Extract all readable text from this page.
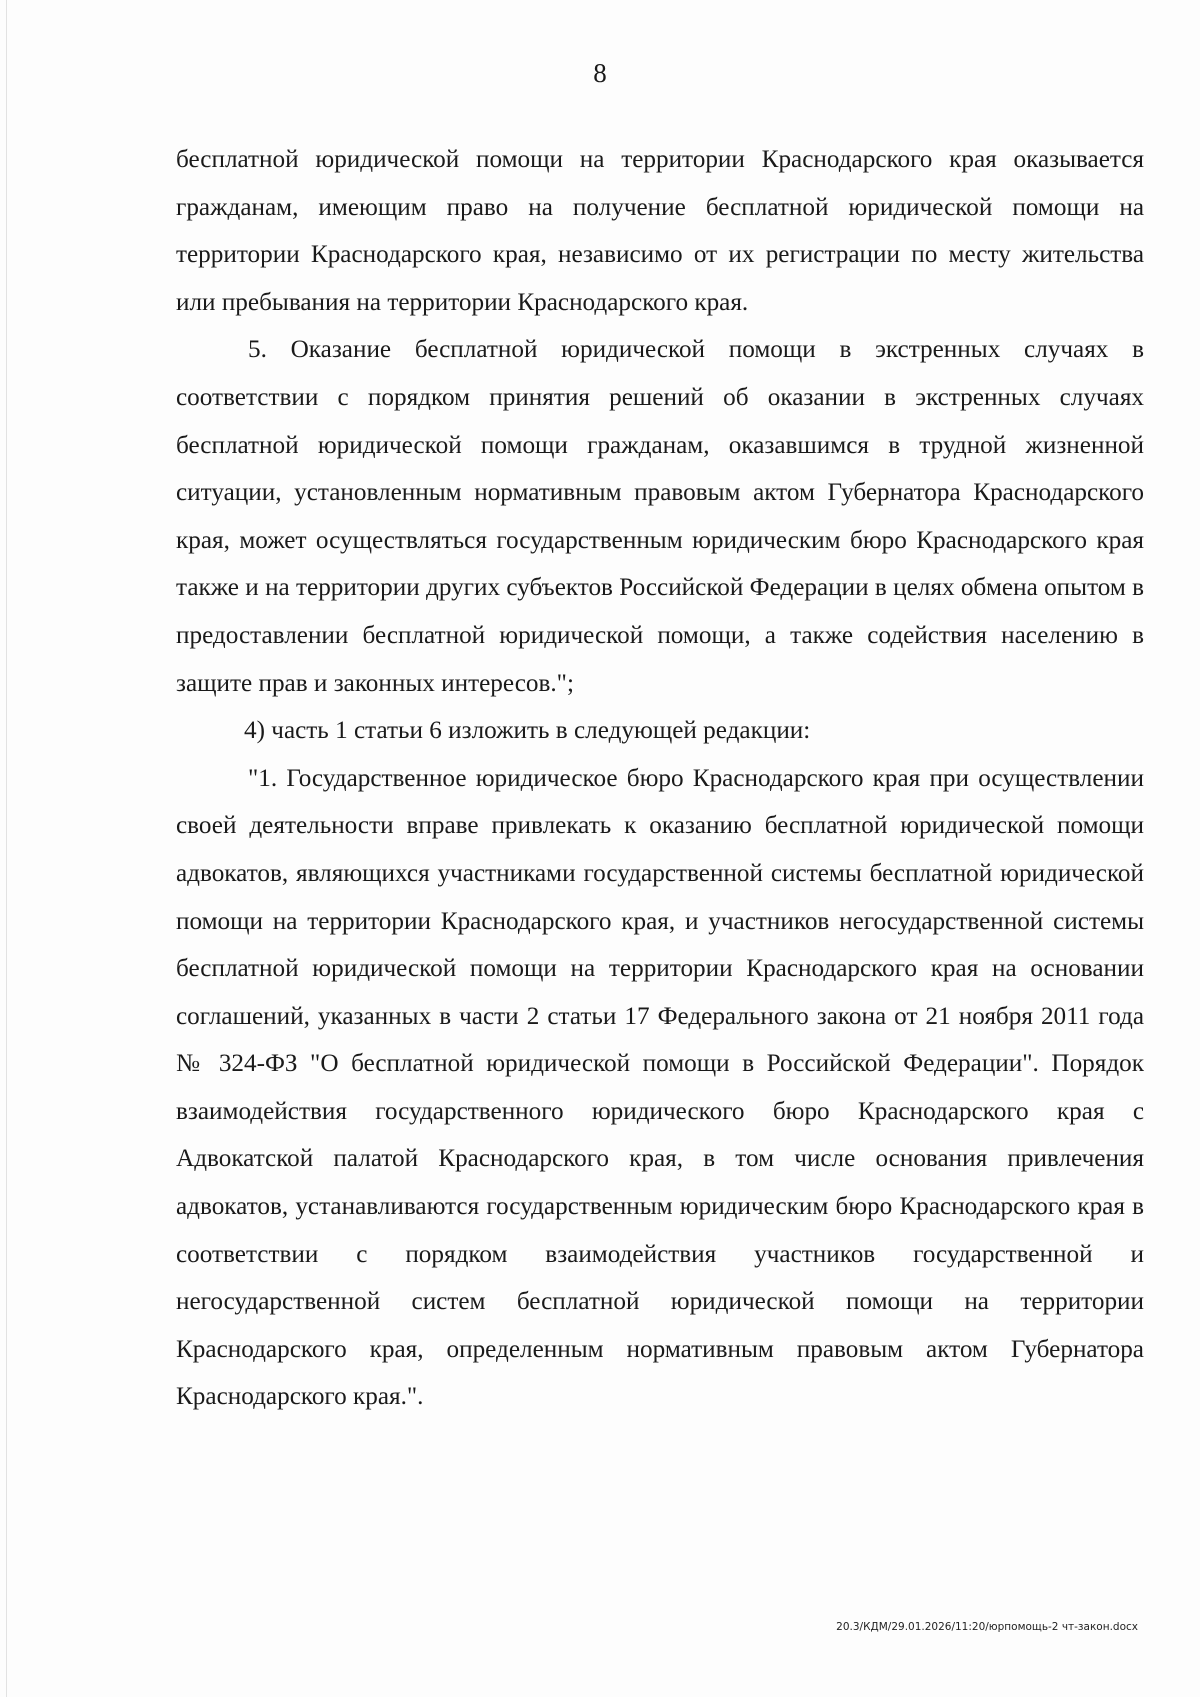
8

бесплатной юридической помощи на территории Краснодарского края оказывается гражданам, имеющим право на получение бесплатной юридической помощи на территории Краснодарского края, независимо от их регистрации по месту жительства или пребывания на территории Краснодарского края.

5. Оказание бесплатной юридической помощи в экстренных случаях в соответствии с порядком принятия решений об оказании в экстренных случаях бесплатной юридической помощи гражданам, оказавшимся в трудной жизненной ситуации, установленным нормативным правовым актом Губернатора Краснодарского края, может осуществляться государственным юридическим бюро Краснодарского края также и на территории других субъектов Российской Федерации в целях обмена опытом в предоставлении бесплатной юридической помощи, а также содействия населению в защите прав и законных интересов.";

4) часть 1 статьи 6 изложить в следующей редакции:

"1. Государственное юридическое бюро Краснодарского края при осуществлении своей деятельности вправе привлекать к оказанию бесплатной юридической помощи адвокатов, являющихся участниками государственной системы бесплатной юридической помощи на территории Краснодарского края, и участников негосударственной системы бесплатной юридической помощи на территории Краснодарского края на основании соглашений, указанных в части 2 статьи 17 Федерального закона от 21 ноября 2011 года № 324-ФЗ "О бесплатной юридической помощи в Российской Федерации". Порядок взаимодействия государственного юридического бюро Краснодарского края с Адвокатской палатой Краснодарского края, в том числе основания привлечения адвокатов, устанавливаются государственным юридическим бюро Краснодарского края в соответствии с порядком взаимодействия участников государственной и негосударственной систем бесплатной юридической помощи на территории Краснодарского края, определенным нормативным правовым актом Губернатора Краснодарского края.".

20.3/КДМ/29.01.2026/11:20/юрпомощь-2 чт-закон.docx
